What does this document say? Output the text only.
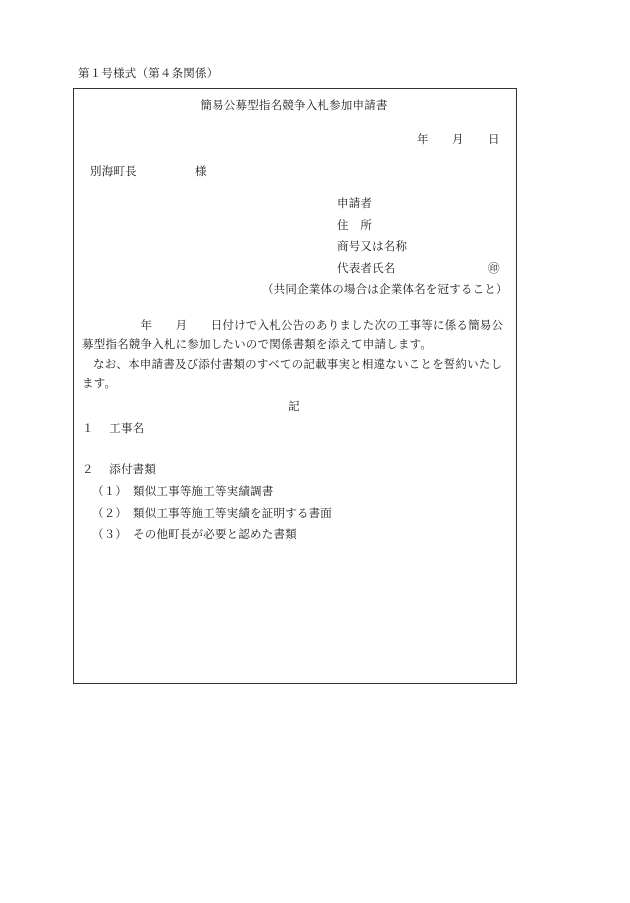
第１号様式（第４条関係）
簡易公募型指名競争入札参加申請書
年 月 日
別海町長	様
申請者
住　所
商号又は名称
代表者氏名	㊞
（共同企業体の場合は企業体名を冠すること）
　　　　　年　　月　　日付けで入札公告のありました次の工事等に係る簡易公募型指名競争入札に参加したいので関係書類を添えて申請します。
なお、本申請書及び添付書類のすべての記載事実と相違ないことを誓約いたします。
記
１　 工事名
２　 添付書類
（１）　類似工事等施工等実績調書
（２）　類似工事等施工等実績を証明する書面
（３）　その他町長が必要と認めた書類
